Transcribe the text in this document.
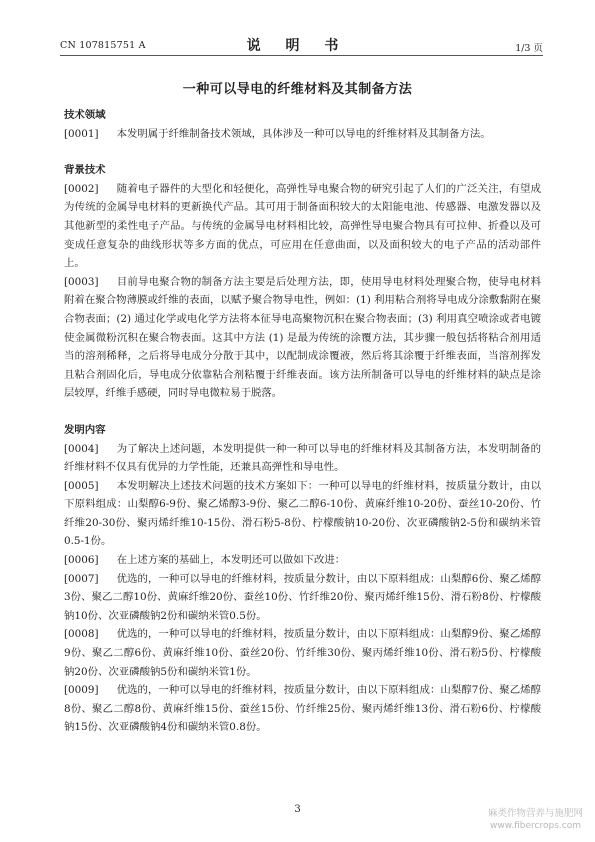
CN 107815751 A	说 明 书	1/3 页
一种可以导电的纤维材料及其制备方法
技术领域
[0001] 本发明属于纤维制备技术领域，具体涉及一种可以导电的纤维材料及其制备方法。
背景技术
[0002] 随着电子器件的大型化和轻便化，高弹性导电聚合物的研究引起了人们的广泛关注，有望成为传统的金属导电材料的更新换代产品。其可用于制备面积较大的太阳能电池、传感器、电激发器以及其他新型的柔性电子产品。与传统的金属导电材料相比较，高弹性导电聚合物具有可拉伸、折叠以及可变成任意复杂的曲线形状等多方面的优点，可应用在任意曲面，以及面积较大的电子产品的活动部件上。
[0003] 目前导电聚合物的制备方法主要是后处理方法，即，使用导电材料处理聚合物，使导电材料附着在聚合物薄膜或纤维的表面，以赋予聚合物导电性，例如：(1) 利用粘合剂将导电成分涂敷黏附在聚合物表面；(2) 通过化学或电化学方法将本征导电高聚物沉积在聚合物表面；(3) 利用真空喷涂或者电镀使金属微粉沉积在聚合物表面。这其中方法 (1) 是最为传统的涂覆方法，其步骤一般包括将粘合剂用适当的溶剂稀释，之后将导电成分分散于其中，以配制成涂覆液，然后将其涂覆于纤维表面，当溶剂挥发且粘合剂固化后，导电成分依靠粘合剂粘覆于纤维表面。该方法所制备可以导电的纤维材料的缺点是涂层较厚，纤维手感硬，同时导电微粒易于脱落。
发明内容
[0004] 为了解决上述问题，本发明提供一种一种可以导电的纤维材料及其制备方法，本发明制备的纤维材料不仅具有优异的力学性能，还兼具高弹性和导电性。
[0005] 本发明解决上述技术问题的技术方案如下：一种可以导电的纤维材料，按质量分数计，由以下原料组成：山梨醇6-9份、聚乙烯醇3-9份、聚乙二醇6-10份、黄麻纤维10-20份、蚕丝10-20份、竹纤维20-30份、聚丙烯纤维10-15份、滑石粉5-8份、柠檬酸钠10-20份、次亚磷酸钠2-5份和碳纳米管0.5-1份。
[0006] 在上述方案的基础上，本发明还可以做如下改进：
[0007] 优选的，一种可以导电的纤维材料，按质量分数计，由以下原料组成：山梨醇6份、聚乙烯醇3份、聚乙二醇10份、黄麻纤维20份、蚕丝10份、竹纤维20份、聚丙烯纤维15份、滑石粉8份、柠檬酸钠10份、次亚磷酸钠2份和碳纳米管0.5份。
[0008] 优选的，一种可以导电的纤维材料，按质量分数计，由以下原料组成：山梨醇9份、聚乙烯醇9份、聚乙二醇6份、黄麻纤维10份、蚕丝20份、竹纤维30份、聚丙烯纤维10份、滑石粉5份、柠檬酸钠20份、次亚磷酸钠5份和碳纳米管1份。
[0009] 优选的，一种可以导电的纤维材料，按质量分数计，由以下原料组成：山梨醇7份、聚乙烯醇8份、聚乙二醇8份、黄麻纤维15份、蚕丝15份、竹纤维25份、聚丙烯纤维13份、滑石粉6份、柠檬酸钠15份、次亚磷酸钠4份和碳纳米管0.8份。
3	麻类作物营养与施肥网
www.fibercrops.com
